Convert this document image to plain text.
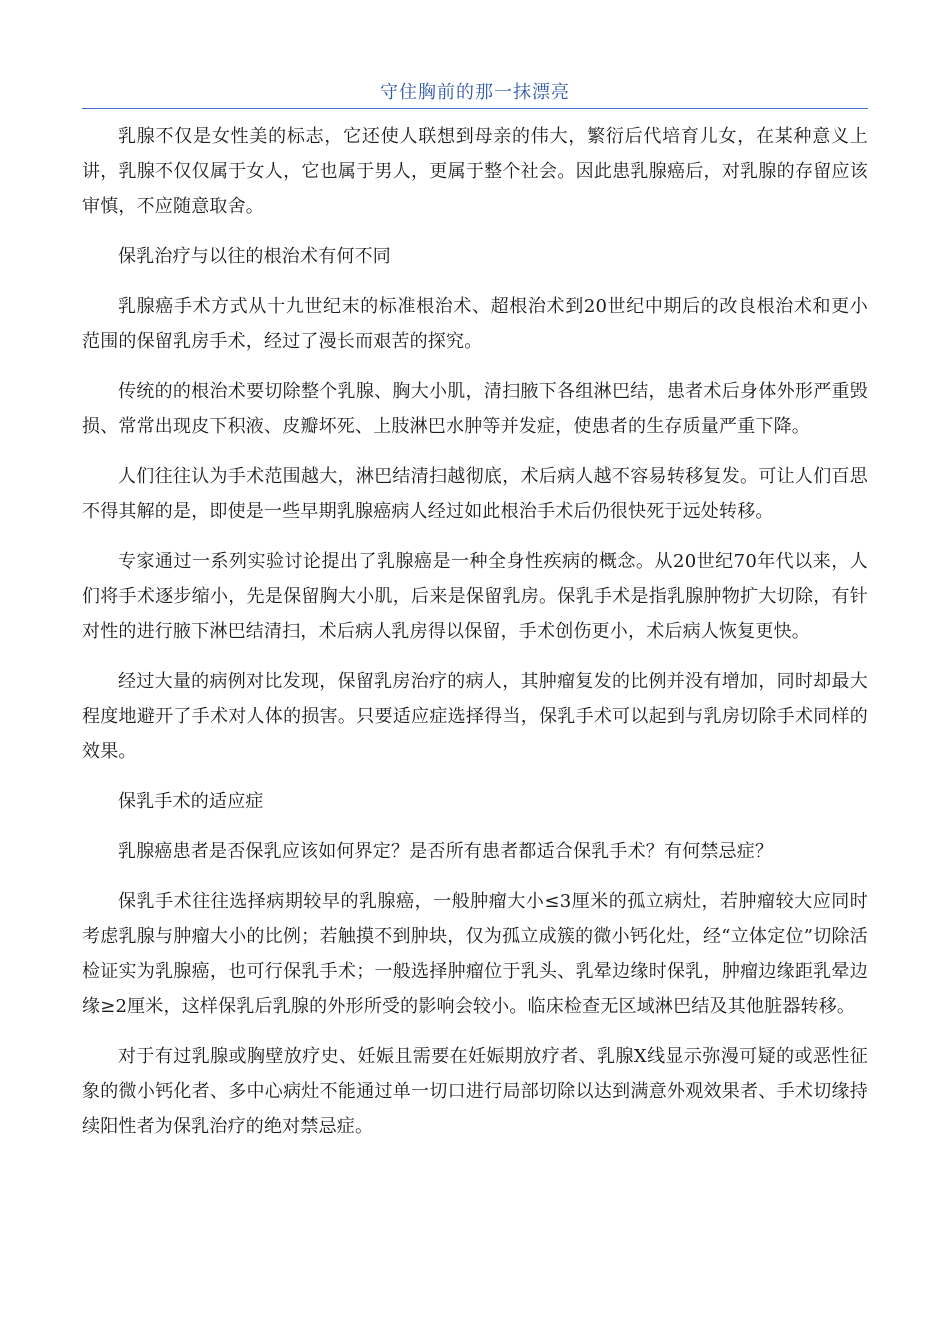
守住胸前的那一抹漂亮

乳腺不仅是女性美的标志，它还使人联想到母亲的伟大，繁衍后代培育儿女，在某种意义上讲，乳腺不仅仅属于女人，它也属于男人，更属于整个社会。因此患乳腺癌后，对乳腺的存留应该审慎，不应随意取舍。

保乳治疗与以往的根治术有何不同

乳腺癌手术方式从十九世纪末的标准根治术、超根治术到20世纪中期后的改良根治术和更小范围的保留乳房手术，经过了漫长而艰苦的探究。

传统的的根治术要切除整个乳腺、胸大小肌，清扫腋下各组淋巴结，患者术后身体外形严重毁损、常常出现皮下积液、皮瓣坏死、上肢淋巴水肿等并发症，使患者的生存质量严重下降。

人们往往认为手术范围越大，淋巴结清扫越彻底，术后病人越不容易转移复发。可让人们百思不得其解的是，即使是一些早期乳腺癌病人经过如此根治手术后仍很快死于远处转移。

专家通过一系列实验讨论提出了乳腺癌是一种全身性疾病的概念。从20世纪70年代以来，人们将手术逐步缩小，先是保留胸大小肌，后来是保留乳房。保乳手术是指乳腺肿物扩大切除，有针对性的进行腋下淋巴结清扫，术后病人乳房得以保留，手术创伤更小，术后病人恢复更快。

经过大量的病例对比发现，保留乳房治疗的病人，其肿瘤复发的比例并没有增加，同时却最大程度地避开了手术对人体的损害。只要适应症选择得当，保乳手术可以起到与乳房切除手术同样的效果。

保乳手术的适应症

乳腺癌患者是否保乳应该如何界定？是否所有患者都适合保乳手术？有何禁忌症？

保乳手术往往选择病期较早的乳腺癌，一般肿瘤大小≤3厘米的孤立病灶，若肿瘤较大应同时考虑乳腺与肿瘤大小的比例；若触摸不到肿块，仅为孤立成簇的微小钙化灶，经“立体定位”切除活检证实为乳腺癌，也可行保乳手术；一般选择肿瘤位于乳头、乳晕边缘时保乳，肿瘤边缘距乳晕边缘≥2厘米，这样保乳后乳腺的外形所受的影响会较小。临床检查无区域淋巴结及其他脏器转移。

对于有过乳腺或胸壁放疗史、妊娠且需要在妊娠期放疗者、乳腺X线显示弥漫可疑的或恶性征象的微小钙化者、多中心病灶不能通过单一切口进行局部切除以达到满意外观效果者、手术切缘持续阳性者为保乳治疗的绝对禁忌症。
